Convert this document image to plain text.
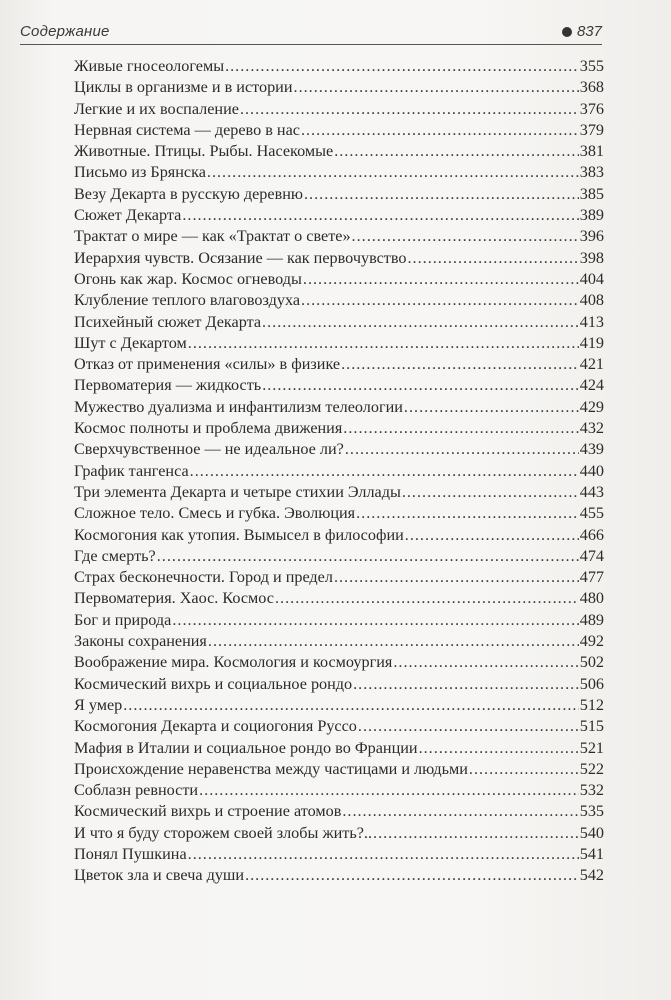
Содержание	837
Живые гносеологемы .....	355
Циклы в организме и в истории .....	368
Легкие и их воспаление .....	376
Нервная система — дерево в нас .....	379
Животные. Птицы. Рыбы. Насекомые .....	381
Письмо из Брянска .....	383
Везу Декарта в русскую деревню .....	385
Сюжет Декарта .....	389
Трактат о мире — как «Трактат о свете» .....	396
Иерархия чувств. Осязание — как первочувство .....	398
Огонь как жар. Космос огневоды .....	404
Клубление теплого влаговоздуха .....	408
Психейный сюжет Декарта .....	413
Шут с Декартом .....	419
Отказ от применения «силы» в физике .....	421
Первоматерия — жидкость .....	424
Мужество дуализма и инфантилизм телеологии .....	429
Космос полноты и проблема движения .....	432
Сверхчувственное — не идеальное ли? .....	439
График тангенса .....	440
Три элемента Декарта и четыре стихии Эллады .....	443
Сложное тело. Смесь и губка. Эволюция .....	455
Космогония как утопия. Вымысел в философии .....	466
Где смерть? .....	474
Страх бесконечности. Город и предел .....	477
Первоматерия. Хаос. Космос .....	480
Бог и природа .....	489
Законы сохранения .....	492
Воображение мира. Космология и космоургия .....	502
Космический вихрь и социальное рондо .....	506
Я умер .....	512
Космогония Декарта и социогония Руссо .....	515
Мафия в Италии и социальное рондо во Франции .....	521
Происхождение неравенства между частицами и людьми .....	522
Соблазн ревности .....	532
Космический вихрь и строение атомов .....	535
И что я буду сторожем своей злобы жить?.. .....	540
Понял Пушкина .....	541
Цветок зла и свеча души .....	542
